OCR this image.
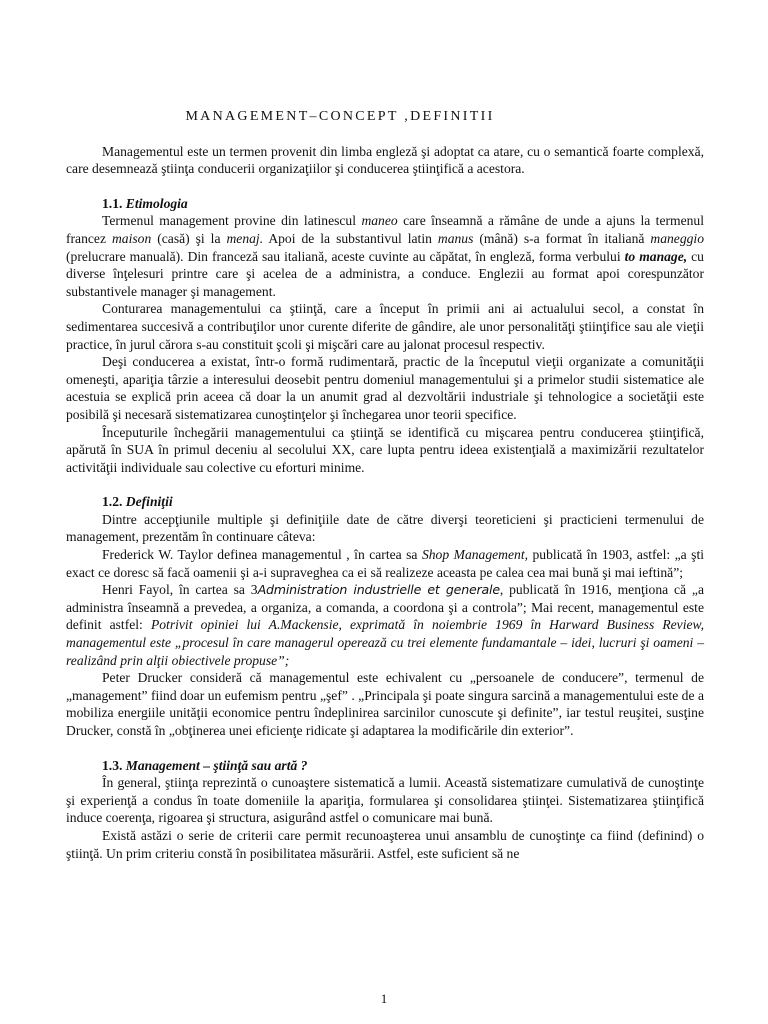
MANAGEMENT–CONCEPT ,DEFINITII

Managementul este un termen provenit din limba engleză şi adoptat ca atare, cu o semantică foarte complexă, care desemnează ştiinţa conducerii organizaţiilor şi conducerea ştiinţifică a acestora.

1.1. Etimologia

Termenul management provine din latinescul maneo care înseamnă a rămâne de unde a ajuns la termenul francez maison (casă) şi la menaj. Apoi de la substantivul latin manus (mână) s-a format în italiană maneggio (prelucrare manuală). Din franceză sau italiană, aceste cuvinte au căpătat, în engleză, forma verbului to manage, cu diverse înţelesuri printre care şi acelea de a administra, a conduce. Englezii au format apoi corespunzător substantivele manager şi management.

Conturarea managementului ca ştiinţă, care a început în primii ani ai actualului secol, a constat în sedimentarea succesivă a contribuţilor unor curente diferite de gândire, ale unor personalităţi ştiinţifice sau ale vieţii practice, în jurul cărora s-au constituit şcoli şi mişcări care au jalonat procesul respectiv.

Deşi conducerea a existat, într-o formă rudimentară, practic de la începutul vieţii organizate a comunităţii omeneşti, apariţia târzie a interesului deosebit pentru domeniul managementului şi a primelor studii sistematice ale acestuia se explică prin aceea că doar la un anumit grad al dezvoltării industriale şi tehnologice a societăţii este posibilă şi necesară sistematizarea cunoştinţelor şi închegarea unor teorii specifice.

Începuturile închegării managementului ca ştiinţă se identifică cu mişcarea pentru conducerea ştiinţifică, apărută în SUA în primul deceniu al secolului XX, care lupta pentru ideea existenţială a maximizării rezultatelor activităţii individuale sau colective cu eforturi minime.

1.2. Definiţii

Dintre accepţiunile multiple şi definiţiile date de către diverşi teoreticieni şi practicieni termenului de management, prezentăm în continuare câteva:

Frederick W. Taylor definea managementul , în cartea sa Shop Management, publicată în 1903, astfel: „a şti exact ce doresc să facă oamenii şi a-i supraveghea ca ei să realizeze aceasta pe calea cea mai bună şi mai ieftină”;

Henri Fayol, în cartea sa 3Administration industrielle et generale, publicată în 1916, menţiona că „a administra înseamnă a prevedea, a organiza, a comanda, a coordona şi a controla”; Mai recent, managementul este definit astfel: Potrivit opiniei lui A.Mackensie, exprimată în noiembrie 1969 în Harward Business Review, managementul este „procesul în care managerul operează cu trei elemente fundamantale – idei, lucruri şi oameni – realizând prin alţii obiectivele propuse”;

Peter Drucker consideră că managementul este echivalent cu „persoanele de conducere”, termenul de „management” fiind doar un eufemism pentru „şef” . „Principala şi poate singura sarcină a managementului este de a mobiliza energiile unităţii economice pentru îndeplinirea sarcinilor cunoscute şi definite”, iar testul reuşitei, susţine Drucker, constă în „obţinerea unei eficienţe ridicate şi adaptarea la modificările din exterior”.

1.3. Management – ştiinţă sau artă ?

În general, ştiinţa reprezintă o cunoaştere sistematică a lumii. Această sistematizare cumulativă de cunoştinţe şi experienţă a condus în toate domeniile la apariţia, formularea şi consolidarea ştiinţei. Sistematizarea ştiinţifică induce coerenţa, rigoarea şi structura, asigurând astfel o comunicare mai bună.

Există astăzi o serie de criterii care permit recunoaşterea unui ansamblu de cunoştinţe ca fiind (definind) o ştiinţă. Un prim criteriu constă în posibilitatea măsurării. Astfel, este suficient să ne

1
